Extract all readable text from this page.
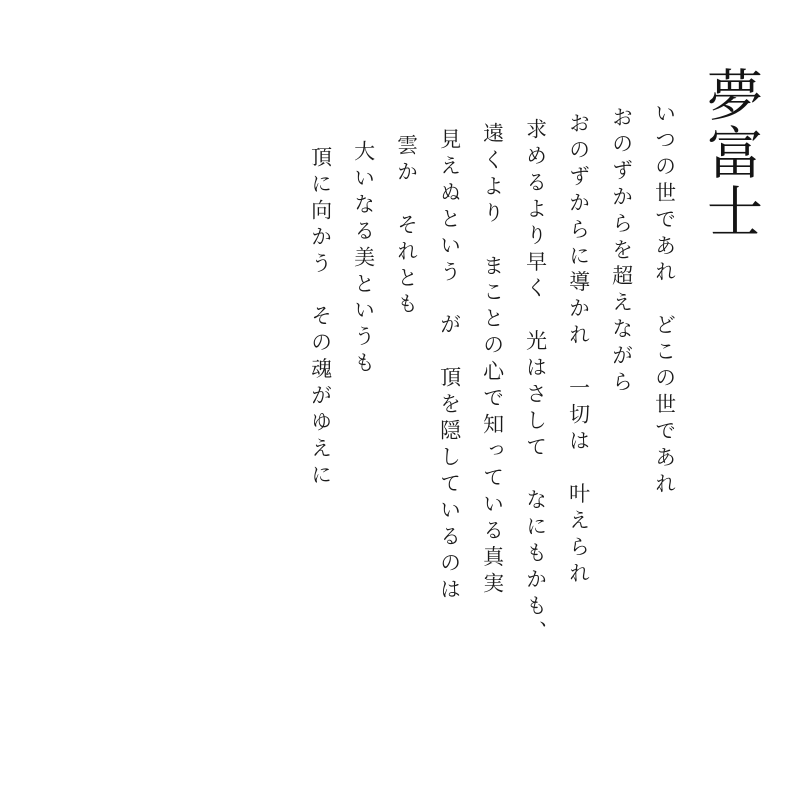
夢富士
いつの世であれ　どこの世であれ
おのずからを超えながら
おのずからに導かれ　一切は　叶えられ
求めるより早く　光はさして　なにもかも、
遠くより　まことの心で知っている真実
見えぬという　が　頂を隠しているのは
雲か　それとも
大いなる美というも
頂に向かう　その魂がゆえに
